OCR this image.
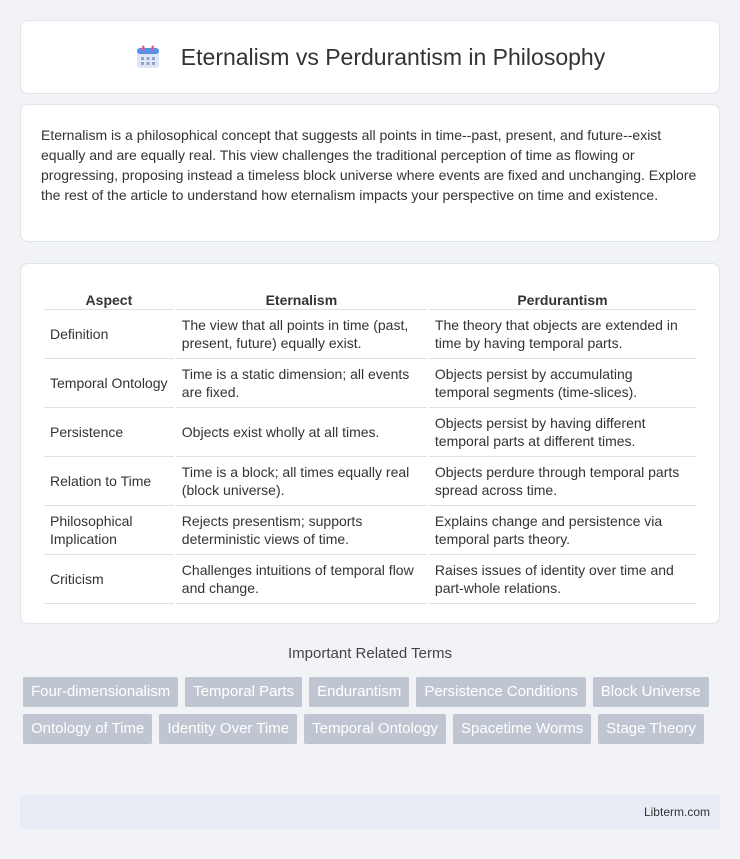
Eternalism vs Perdurantism in Philosophy

Eternalism is a philosophical concept that suggests all points in time--past, present, and future--exist equally and are equally real. This view challenges the traditional perception of time as flowing or progressing, proposing instead a timeless block universe where events are fixed and unchanging. Explore the rest of the article to understand how eternalism impacts your perspective on time and existence.

Aspect	Eternalism	Perdurantism
Definition	The view that all points in time (past, present, future) equally exist.	The theory that objects are extended in time by having temporal parts.
Temporal Ontology	Time is a static dimension; all events are fixed.	Objects persist by accumulating temporal segments (time-slices).
Persistence	Objects exist wholly at all times.	Objects persist by having different temporal parts at different times.
Relation to Time	Time is a block; all times equally real (block universe).	Objects perdure through temporal parts spread across time.
Philosophical Implication	Rejects presentism; supports deterministic views of time.	Explains change and persistence via temporal parts theory.
Criticism	Challenges intuitions of temporal flow and change.	Raises issues of identity over time and part-whole relations.
Important Related Terms
Four-dimensionalism	Temporal Parts	Endurantism	Persistence Conditions	Block Universe
Ontology of Time	Identity Over Time	Temporal Ontology	Spacetime Worms	Stage Theory
Libterm.com
